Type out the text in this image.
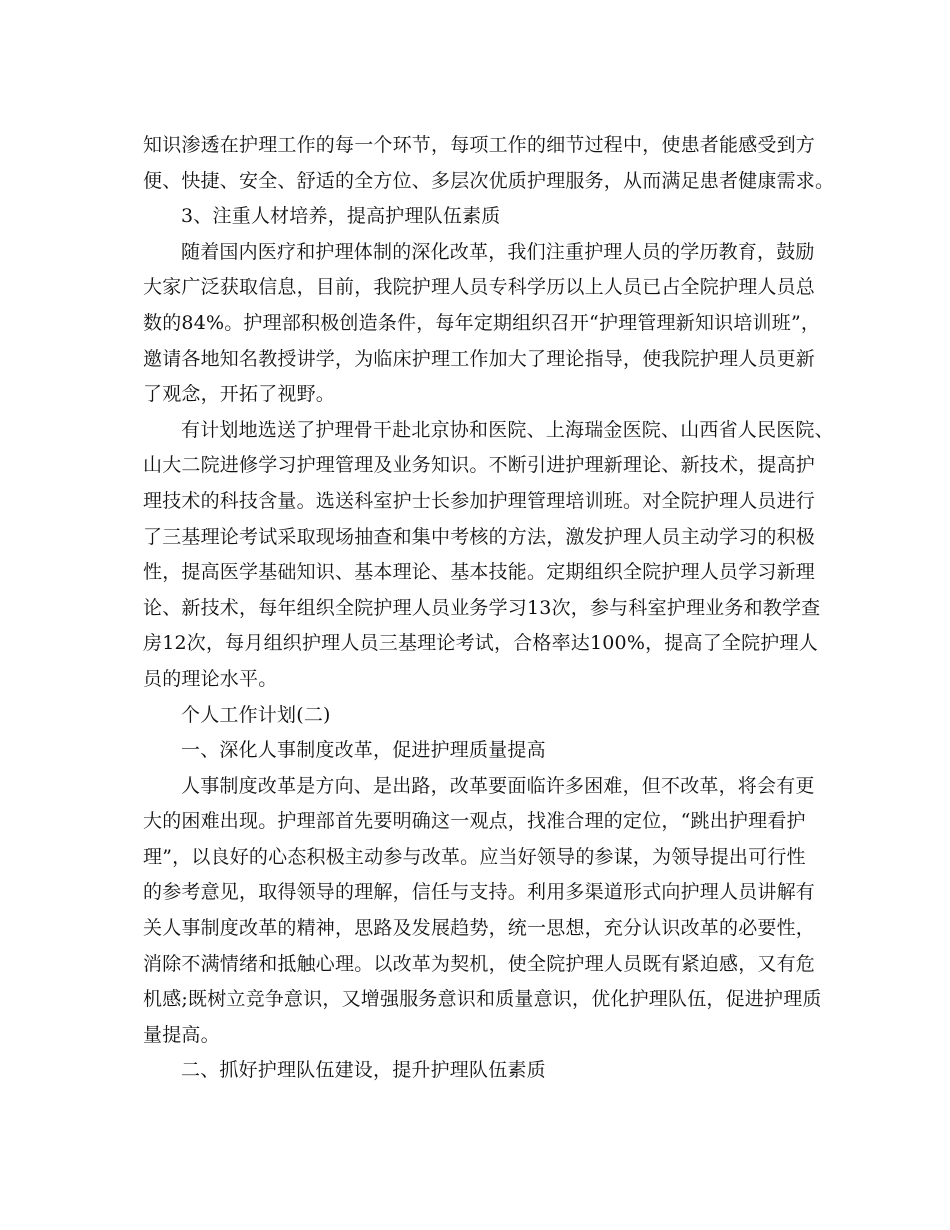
知识渗透在护理工作的每一个环节，每项工作的细节过程中，使患者能感受到方
便、快捷、安全、舒适的全方位、多层次优质护理服务，从而满足患者健康需求。
3、注重人材培养，提高护理队伍素质
随着国内医疗和护理体制的深化改革，我们注重护理人员的学历教育，鼓励
大家广泛获取信息，目前，我院护理人员专科学历以上人员已占全院护理人员总
数的84%。护理部积极创造条件，每年定期组织召开“护理管理新知识培训班”，
邀请各地知名教授讲学，为临床护理工作加大了理论指导，使我院护理人员更新
了观念，开拓了视野。
有计划地选送了护理骨干赴北京协和医院、上海瑞金医院、山西省人民医院、
山大二院进修学习护理管理及业务知识。不断引进护理新理论、新技术，提高护
理技术的科技含量。选送科室护士长参加护理管理培训班。对全院护理人员进行
了三基理论考试采取现场抽查和集中考核的方法，激发护理人员主动学习的积极
性，提高医学基础知识、基本理论、基本技能。定期组织全院护理人员学习新理
论、新技术，每年组织全院护理人员业务学习13次，参与科室护理业务和教学查
房12次，每月组织护理人员三基理论考试，合格率达100%，提高了全院护理人
员的理论水平。
个人工作计划(二)
一、深化人事制度改革，促进护理质量提高
人事制度改革是方向、是出路，改革要面临许多困难，但不改革，将会有更
大的困难出现。护理部首先要明确这一观点，找准合理的定位，“跳出护理看护
理”，以良好的心态积极主动参与改革。应当好领导的参谋，为领导提出可行性
的参考意见，取得领导的理解，信任与支持。利用多渠道形式向护理人员讲解有
关人事制度改革的精神，思路及发展趋势，统一思想，充分认识改革的必要性，
消除不满情绪和抵触心理。以改革为契机，使全院护理人员既有紧迫感，又有危
机感;既树立竞争意识，又增强服务意识和质量意识，优化护理队伍，促进护理质
量提高。
二、抓好护理队伍建设，提升护理队伍素质
